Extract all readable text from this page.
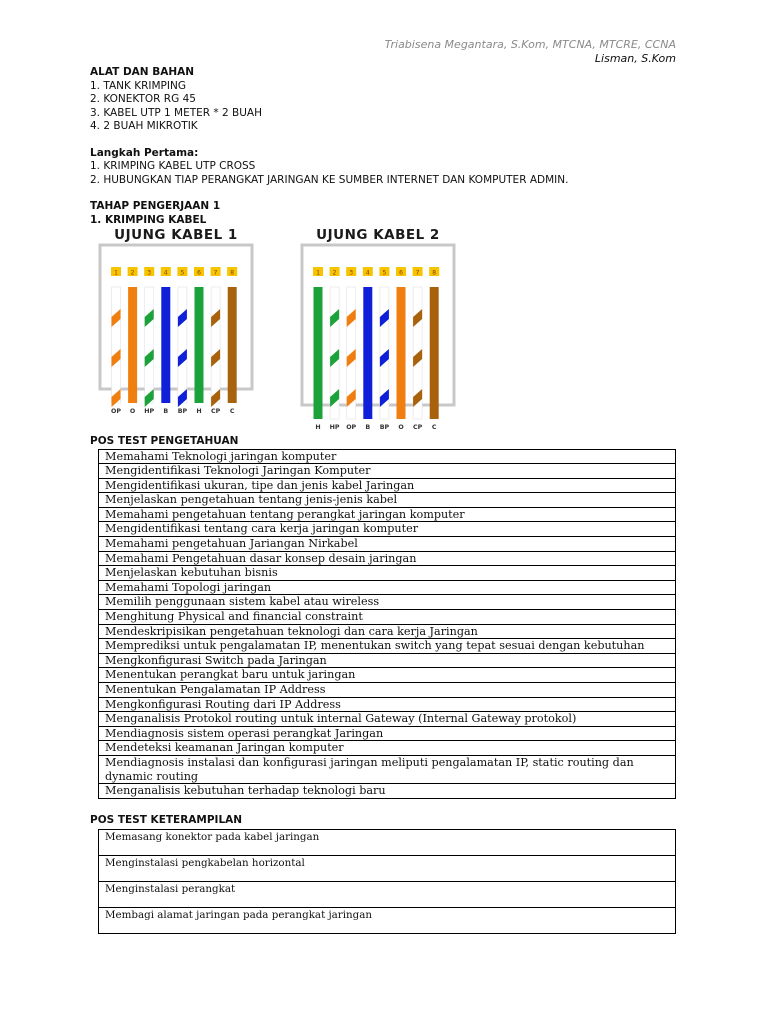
Triabisena Megantara, S.Kom, MTCNA, MTCRE, CCNA
Lisman, S.Kom
ALAT DAN BAHAN
1. TANK KRIMPING
2. KONEKTOR RG 45
3. KABEL UTP 1 METER * 2 BUAH
4. 2 BUAH MIKROTIK
Langkah Pertama:
1. KRIMPING KABEL UTP CROSS
2. HUBUNGKAN TIAP PERANGKAT JARINGAN KE SUMBER INTERNET DAN KOMPUTER ADMIN.
TAHAP PENGERJAAN 1
1. KRIMPING KABEL
UJUNG KABEL 1
1
OP
2
O
3
HP
4
B
5
BP
6
H
7
CP
8
C
UJUNG KABEL 2
1
H
2
HP
3
OP
4
B
5
BP
6
O
7
CP
8
C
POS TEST PENGETAHUAN
Memahami Teknologi jaringan komputer
Mengidentifikasi Teknologi Jaringan Komputer
Mengidentifikasi ukuran, tipe dan jenis kabel Jaringan
Menjelaskan pengetahuan tentang jenis-jenis kabel
Memahami pengetahuan tentang perangkat jaringan komputer
Mengidentifikasi tentang cara kerja jaringan komputer
Memahami pengetahuan Jariangan Nirkabel
Memahami Pengetahuan dasar konsep desain jaringan
Menjelaskan kebutuhan bisnis
Memahami Topologi jaringan
Memilih penggunaan sistem kabel atau wireless
Menghitung Physical and financial constraint
Mendeskripisikan pengetahuan teknologi dan cara kerja Jaringan
Memprediksi untuk pengalamatan IP, menentukan switch yang tepat sesuai dengan kebutuhan
Mengkonfigurasi Switch pada Jaringan
Menentukan perangkat baru untuk jaringan
Menentukan Pengalamatan IP Address
Mengkonfigurasi Routing dari IP Address
Menganalisis Protokol routing untuk internal Gateway (Internal Gateway protokol)
Mendiagnosis sistem operasi perangkat Jaringan
Mendeteksi keamanan Jaringan komputer
Mendiagnosis instalasi dan konfigurasi jaringan meliputi pengalamatan IP, static routing dan dynamic routing
Menganalisis kebutuhan terhadap teknologi baru
POS TEST KETERAMPILAN
Memasang konektor pada kabel jaringan
Menginstalasi pengkabelan horizontal
Menginstalasi perangkat
Membagi alamat jaringan pada perangkat jaringan
